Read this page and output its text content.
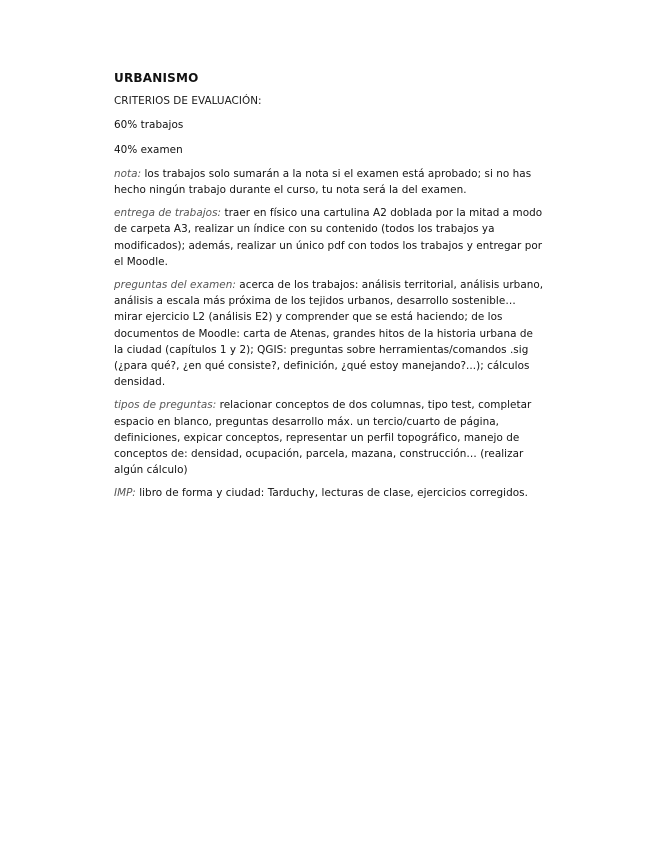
URBANISMO
CRITERIOS DE EVALUACIÓN:
60% trabajos
40% examen

nota: los trabajos solo sumarán a la nota si el examen está aprobado; si no has hecho ningún trabajo durante el curso, tu nota será la del examen.

entrega de trabajos: traer en físico una cartulina A2 doblada por la mitad a modo de carpeta A3, realizar un índice con su contenido (todos los trabajos ya modificados); además, realizar un único pdf con todos los trabajos y entregar por el Moodle.

preguntas del examen: acerca de los trabajos: análisis territorial, análisis urbano, análisis a escala más próxima de los tejidos urbanos, desarrollo sostenible… mirar ejercicio L2 (análisis E2) y comprender que se está haciendo; de los documentos de Moodle: carta de Atenas, grandes hitos de la historia urbana de la ciudad (capítulos 1 y 2); QGIS: preguntas sobre herramientas/comandos .sig (¿para qué?, ¿en qué consiste?, definición, ¿qué estoy manejando?...); cálculos densidad.

tipos de preguntas: relacionar conceptos de dos columnas, tipo test, completar espacio en blanco, preguntas desarrollo máx. un tercio/cuarto de página, definiciones, expicar conceptos, representar un perfil topográfico, manejo de conceptos de: densidad, ocupación, parcela, mazana, construcción… (realizar algún cálculo)

IMP: libro de forma y ciudad: Tarduchy, lecturas de clase, ejercicios corregidos.
